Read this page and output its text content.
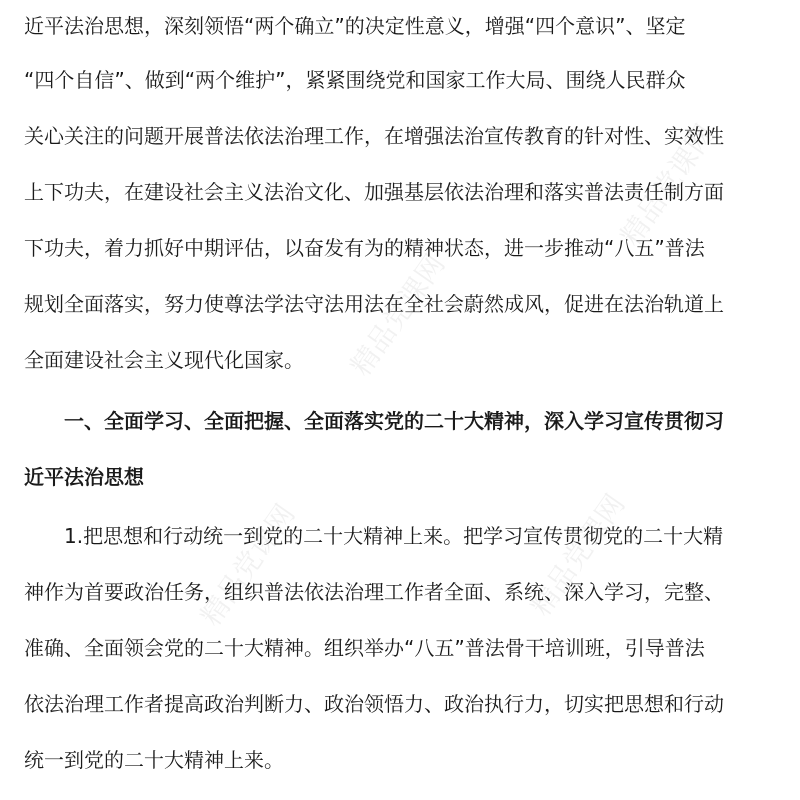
精品党课网
精品党课网
精品党课网
精品党课网
近平法治思想，深刻领悟“两个确立”的决定性意义，增强“四个意识”、坚定
“四个自信”、做到“两个维护”，紧紧围绕党和国家工作大局、围绕人民群众
关心关注的问题开展普法依法治理工作，在增强法治宣传教育的针对性、实效性
上下功夫，在建设社会主义法治文化、加强基层依法治理和落实普法责任制方面
下功夫，着力抓好中期评估，以奋发有为的精神状态，进一步推动“八五”普法
规划全面落实，努力使尊法学法守法用法在全社会蔚然成风，促进在法治轨道上
全面建设社会主义现代化国家。
一、全面学习、全面把握、全面落实党的二十大精神，深入学习宣传贯彻习
近平法治思想
1.把思想和行动统一到党的二十大精神上来。把学习宣传贯彻党的二十大精
神作为首要政治任务，组织普法依法治理工作者全面、系统、深入学习，完整、
准确、全面领会党的二十大精神。组织举办“八五”普法骨干培训班，引导普法
依法治理工作者提高政治判断力、政治领悟力、政治执行力，切实把思想和行动
统一到党的二十大精神上来。
